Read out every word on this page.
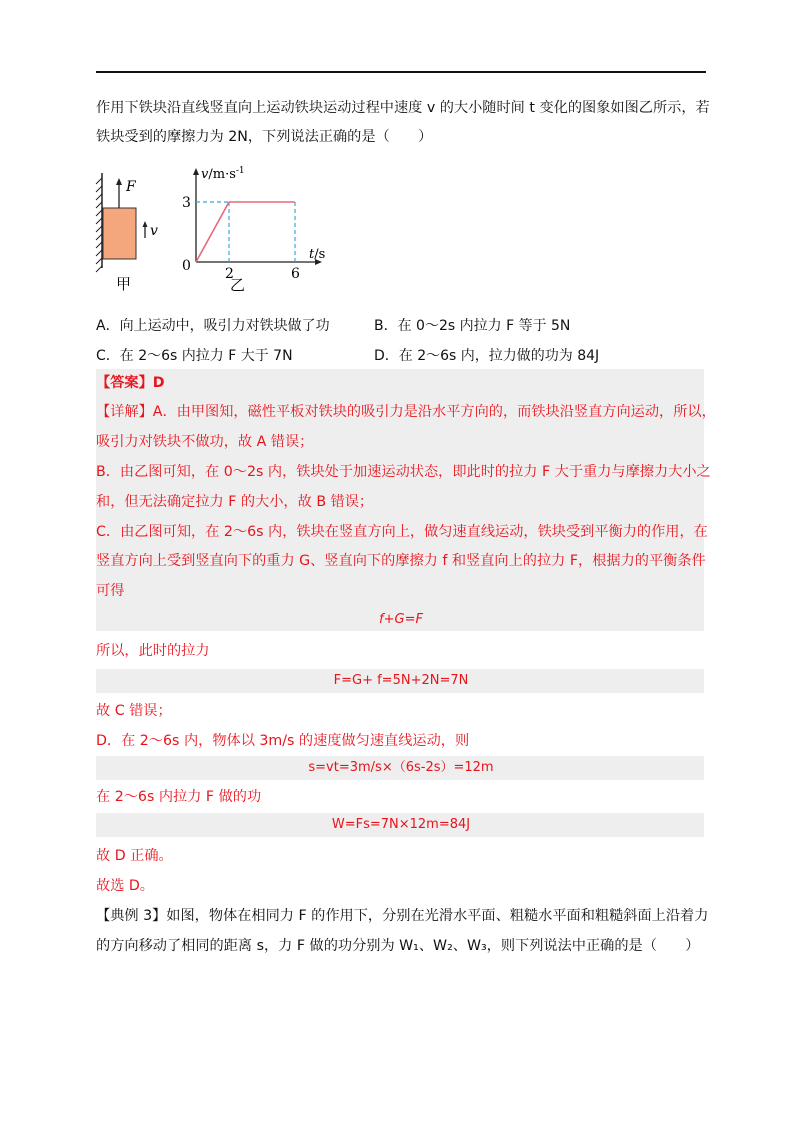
作用下铁块沿直线竖直向上运动铁块运动过程中速度 v 的大小随时间 t 变化的图象如图乙所示，若
铁块受到的摩擦力为 2N，下列说法正确的是（　　）
F
v
甲
$v/m\cdot s^{-1}$
t/s
0
3
2	6
乙
A．向上运动中，吸引力对铁块做了功	B．在 0～2s 内拉力 F 等于 5N
C．在 2～6s 内拉力 F 大于 7N	D．在 2～6s 内，拉力做的功为 84J
【答案】D
【详解】A．由甲图知，磁性平板对铁块的吸引力是沿水平方向的，而铁块沿竖直方向运动，所以，
吸引力对铁块不做功，故 A 错误；
B．由乙图可知，在 0～2s 内，铁块处于加速运动状态，即此时的拉力 F 大于重力与摩擦力大小之
和，但无法确定拉力 F 的大小，故 B 错误；
C．由乙图可知，在 2～6s 内，铁块在竖直方向上，做匀速直线运动，铁块受到平衡力的作用，在
竖直方向上受到竖直向下的重力 G、竖直向下的摩擦力 f 和竖直向上的拉力 F，根据力的平衡条件
可得
f+G=F
所以，此时的拉力
F=G+ f=5N+2N=7N
故 C 错误；
D．在 2～6s 内，物体以 3m/s 的速度做匀速直线运动，则
s=vt=3m/s×（6s-2s）=12m
在 2～6s 内拉力 F 做的功
W=Fs=7N×12m=84J
故 D 正确。
故选 D。
【典例 3】如图，物体在相同力 F 的作用下，分别在光滑水平面、粗糙水平面和粗糙斜面上沿着力
的方向移动了相同的距离 s，力 F 做的功分别为 W₁、W₂、W₃，则下列说法中正确的是（　　）
